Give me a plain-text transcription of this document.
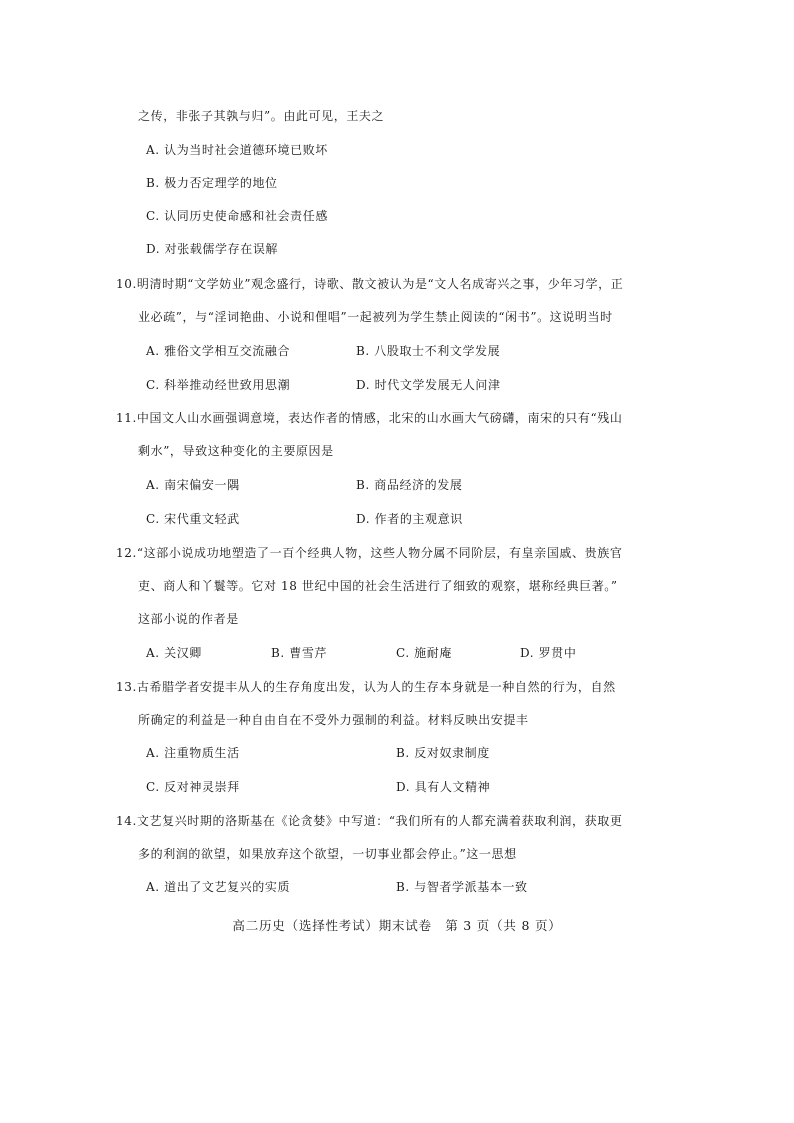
之传，非张子其孰与归”。由此可见，王夫之
A. 认为当时社会道德环境已败坏
B. 极力否定理学的地位
C. 认同历史使命感和社会责任感
D. 对张载儒学存在误解
10.明清时期“文学妨业”观念盛行，诗歌、散文被认为是“文人名成寄兴之事，少年习学，正
业必疏”，与“淫词艳曲、小说和俚唱”一起被列为学生禁止阅读的“闲书”。这说明当时
A. 雅俗文学相互交流融合	B. 八股取士不利文学发展
C. 科举推动经世致用思潮	D. 时代文学发展无人问津
11.中国文人山水画强调意境，表达作者的情感，北宋的山水画大气磅礴，南宋的只有“残山
剩水”，导致这种变化的主要原因是
A. 南宋偏安一隅	B. 商品经济的发展
C. 宋代重文轻武	D. 作者的主观意识
12.“这部小说成功地塑造了一百个经典人物，这些人物分属不同阶层，有皇亲国戚、贵族官
吏、商人和丫鬟等。它对 18 世纪中国的社会生活进行了细致的观察，堪称经典巨著。”
这部小说的作者是
A. 关汉卿	B. 曹雪芹	C. 施耐庵	D. 罗贯中
13.古希腊学者安提丰从人的生存角度出发，认为人的生存本身就是一种自然的行为，自然
所确定的利益是一种自由自在不受外力强制的利益。材料反映出安提丰
A. 注重物质生活	B. 反对奴隶制度
C. 反对神灵崇拜	D. 具有人文精神
14.文艺复兴时期的洛斯基在《论贪婪》中写道：“我们所有的人都充满着获取利润，获取更
多的利润的欲望，如果放弃这个欲望，一切事业都会停止。”这一思想
A. 道出了文艺复兴的实质	B. 与智者学派基本一致
高二历史（选择性考试）期末试卷　第 3 页（共 8 页）
